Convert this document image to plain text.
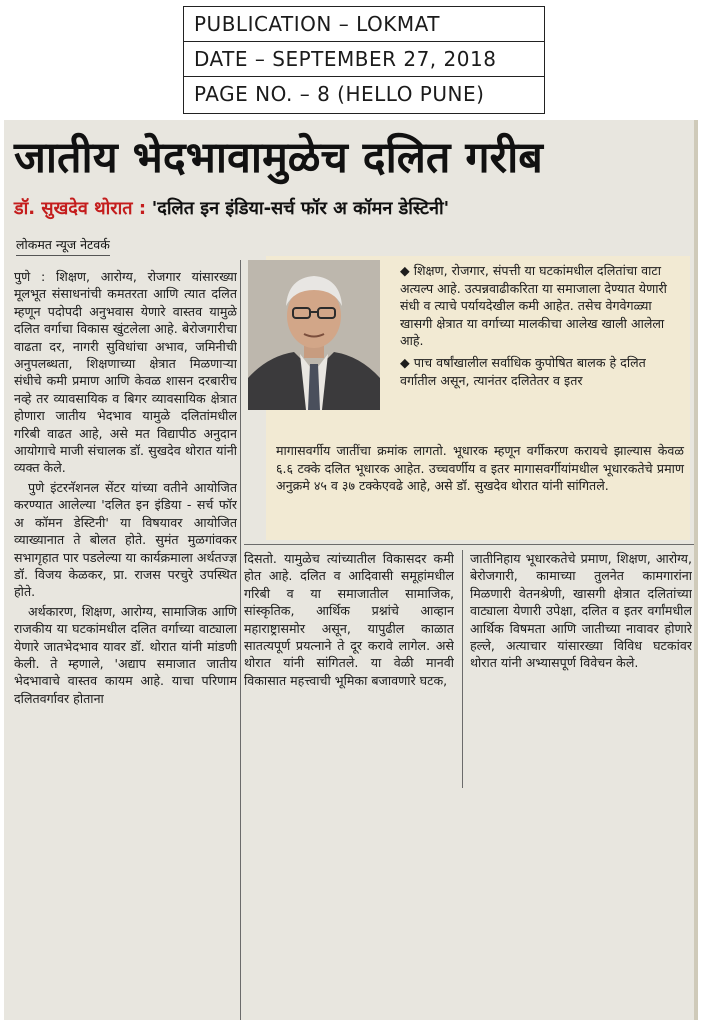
PUBLICATION – LOKMAT
DATE – SEPTEMBER 27, 2018
PAGE NO. – 8 (HELLO PUNE)
जातीय भेदभावामुळेच दलित गरीब
डॉ. सुखदेव थोरात : 'दलित इन इंडिया-सर्च फॉर अ कॉमन डेस्टिनी'
लोकमत न्यूज नेटवर्क

पुणे : शिक्षण, आरोग्य, रोजगार यांसारख्या मूलभूत संसाधनांची कमतरता आणि त्यात दलित म्हणून पदोपदी अनुभवास येणारे वास्तव यामुळे दलित वर्गाचा विकास खुंटलेला आहे. बेरोजगारीचा वाढता दर, नागरी सुविधांचा अभाव, जमिनीची अनुपलब्धता, शिक्षणाच्या क्षेत्रात मिळणाऱ्या संधीचे कमी प्रमाण आणि केवळ शासन दरबारीच नव्हे तर व्यावसायिक व बिगर व्यावसायिक क्षेत्रात होणारा जातीय भेदभाव यामुळे दलितांमधील गरिबी वाढत आहे, असे मत विद्यापीठ अनुदान आयोगाचे माजी संचालक डॉ. सुखदेव थोरात यांनी व्यक्त केले.

पुणे इंटरनॅशनल सेंटर यांच्या वतीने आयोजित करण्यात आलेल्या 'दलित इन इंडिया - सर्च फॉर अ कॉमन डेस्टिनी' या विषयावर आयोजित व्याख्यानात ते बोलत होते. सुमंत मुळगांवकर सभागृहात पार पडलेल्या या कार्यक्रमाला अर्थतज्ज्ञ डॉ. विजय केळकर, प्रा. राजस परचुरे उपस्थित होते.

अर्थकारण, शिक्षण, आरोग्य, सामाजिक आणि राजकीय या घटकांमधील दलित वर्गाच्या वाट्याला येणारे जातभेदभाव यावर डॉ. थोरात यांनी मांडणी केली. ते म्हणाले, 'अद्याप समाजात जातीय भेदभावाचे वास्तव कायम आहे. याचा परिणाम दलितवर्गावर होताना

◆ शिक्षण, रोजगार, संपत्ती या घटकांमधील दलितांचा वाटा अत्यल्प आहे. उत्पन्नवाढीकरिता या समाजाला देण्यात येणारी संधी व त्याचे पर्यायदेखील कमी आहेत. तसेच वेगवेगळ्या खासगी क्षेत्रात या वर्गाच्या मालकीचा आलेख खाली आलेला आहे.

◆ पाच वर्षांखालील सर्वाधिक कुपोषित बालक हे दलित वर्गातील असून, त्यानंतर दलितेतर व इतर

मागासवर्गीय जातींचा क्रमांक लागतो. भूधारक म्हणून वर्गीकरण करायचे झाल्यास केवळ ६.६ टक्के दलित भूधारक आहेत. उच्चवर्णीय व इतर मागासवर्गीयांमधील भूधारकतेचे प्रमाण अनुक्रमे ४५ व ३७ टक्केएवढे आहे, असे डॉ. सुखदेव थोरात यांनी सांगितले.

दिसतो. यामुळेच त्यांच्यातील विकासदर कमी होत आहे. दलित व आदिवासी समूहांमधील गरिबी व या समाजातील सामाजिक, सांस्कृतिक, आर्थिक प्रश्नांचे आव्हान महाराष्ट्रासमोर असून, यापुढील काळात सातत्यपूर्ण प्रयत्नाने ते दूर करावे लागेल. असे थोरात यांनी सांगितले. या वेळी मानवी विकासात महत्त्वाची भूमिका बजावणारे घटक,

जातीनिहाय भूधारकतेचे प्रमाण, शिक्षण, आरोग्य, बेरोजगारी, कामाच्या तुलनेत कामगारांना मिळणारी वेतनश्रेणी, खासगी क्षेत्रात दलितांच्या वाट्याला येणारी उपेक्षा, दलित व इतर वर्गांमधील आर्थिक विषमता आणि जातीच्या नावावर होणारे हल्ले, अत्याचार यांसारख्या विविध घटकांवर थोरात यांनी अभ्यासपूर्ण विवेचन केले.
